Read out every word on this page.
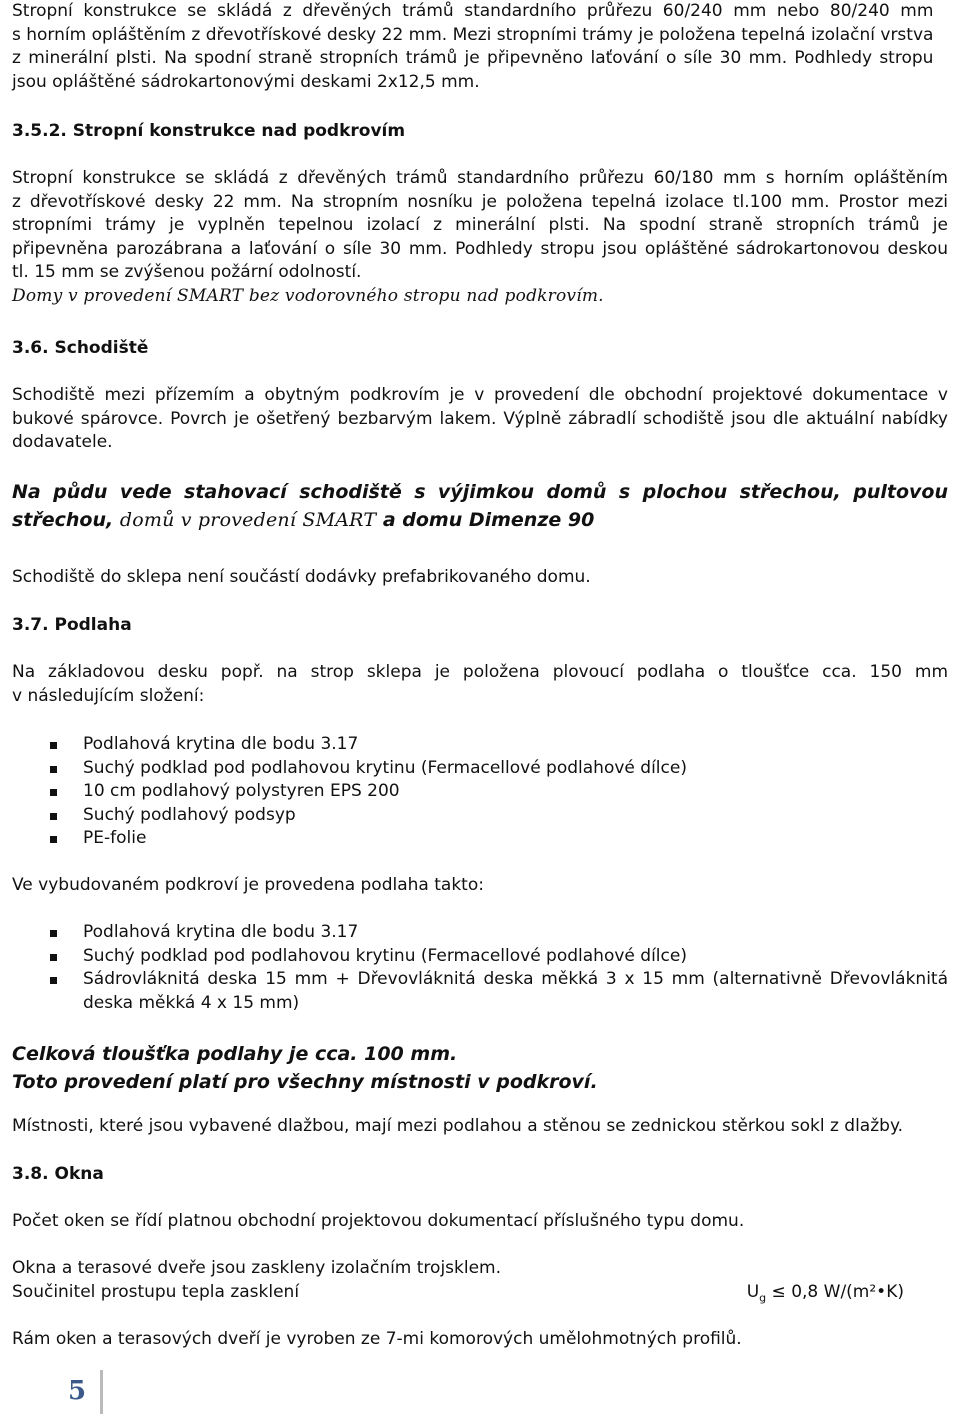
Stropní konstrukce se skládá z dřevěných trámů standardního průřezu 60/240 mm nebo 80/240 mm

s horním opláštěním z dřevotřískové desky 22 mm. Mezi stropními trámy je položena tepelná izolační vrstva

z minerální plsti. Na spodní straně stropních trámů je připevněno laťování o síle 30 mm. Podhledy stropu

jsou opláštěné sádrokartonovými deskami 2x12,5 mm.

3.5.2. Stropní konstrukce nad podkrovím

Stropní konstrukce se skládá z dřevěných trámů standardního průřezu 60/180 mm s horním opláštěním

z dřevotřískové desky 22 mm. Na stropním nosníku je položena tepelná izolace tl.100 mm. Prostor mezi

stropními trámy je vyplněn tepelnou izolací z minerální plsti. Na spodní straně stropních trámů je

připevněna parozábrana a laťování o síle 30 mm. Podhledy stropu jsou opláštěné sádrokartonovou deskou

tl. 15 mm se zvýšenou požární odolností.

Domy v provedení SMART bez vodorovného stropu nad podkrovím.

3.6. Schodiště

Schodiště mezi přízemím a obytným podkrovím je v provedení dle obchodní projektové dokumentace v

bukové spárovce. Povrch je ošetřený bezbarvým lakem. Výplně zábradlí schodiště jsou dle aktuální nabídky

dodavatele.

Na půdu vede stahovací schodiště s výjimkou domů s plochou střechou, pultovou

střechou, domů v provedení SMART a domu Dimenze 90

Schodiště do sklepa není součástí dodávky prefabrikovaného domu.

3.7. Podlaha

Na základovou desku popř. na strop sklepa je položena plovoucí podlaha o tloušťce cca. 150 mm

v následujícím složení:

Podlahová krytina dle bodu 3.17
Suchý podklad pod podlahovou krytinu (Fermacellové podlahové dílce)
10 cm podlahový polystyren EPS 200
Suchý podlahový podsyp
PE-folie

Ve vybudovaném podkroví je provedena podlaha takto:

Podlahová krytina dle bodu 3.17
Suchý podklad pod podlahovou krytinu (Fermacellové podlahové dílce)
Sádrovláknitá deska 15 mm + Dřevovláknitá deska měkká 3 x 15 mm (alternativně Dřevovláknitá
deska měkká 4 x 15 mm)

Celková tloušťka podlahy je cca. 100 mm.

Toto provedení platí pro všechny místnosti v podkroví.

Místnosti, které jsou vybavené dlažbou, mají mezi podlahou a stěnou se zednickou stěrkou sokl z dlažby.

3.8. Okna

Počet oken se řídí platnou obchodní projektovou dokumentací příslušného typu domu.

Okna a terasové dveře jsou zaskleny izolačním trojsklem.

Součinitel prostupu tepla zasklení	$U_g \le 0,8$ W/(m²•K)

Rám oken a terasových dveří je vyroben ze 7-mi komorových umělohmotných profilů.

5
